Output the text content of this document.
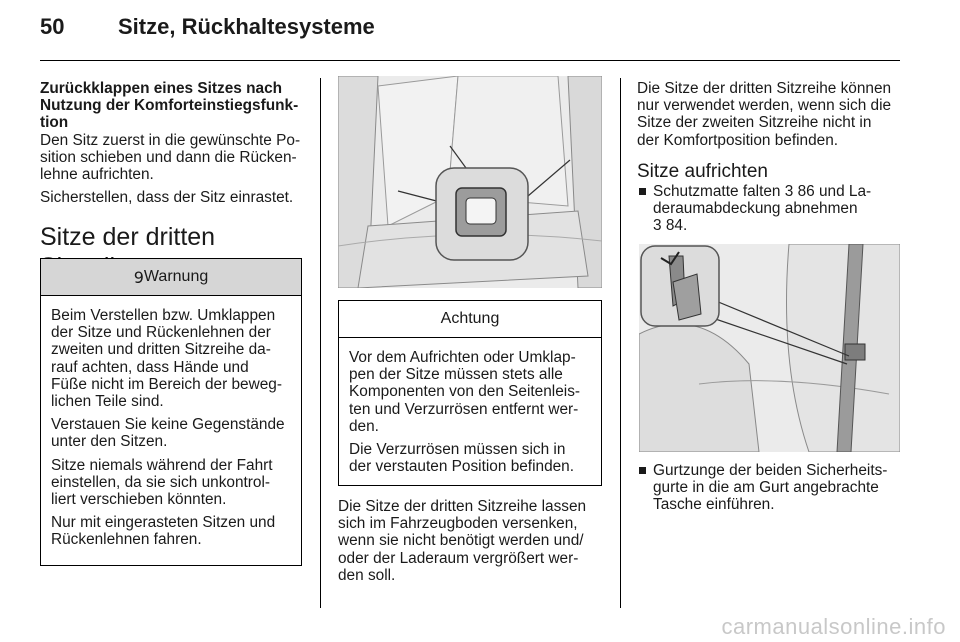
50 Sitze, Rückhaltesysteme

Zurückklappen eines Sitzes nach
Nutzung der Komforteinstiegsfunk-
tion

Den Sitz zuerst in die gewünschte Po-
sition schieben und dann die Rücken-
lehne aufrichten.

Sicherstellen, dass der Sitz einrastet.

Sitze der dritten
9 Warnung

Beim Verstellen bzw. Umklappen
der Sitze und Rückenlehnen der
zweiten und dritten Sitzreihe da-
rauf achten, dass Hände und
Füße nicht im Bereich der beweg-
lichen Teile sind.

Verstauen Sie keine Gegenstände
unter den Sitzen.

Sitze niemals während der Fahrt
einstellen, da sie sich unkontrol-
liert verschieben könnten.

Nur mit eingerasteten Sitzen und
Rückenlehnen fahren.

Achtung

Vor dem Aufrichten oder Umklap-
pen der Sitze müssen stets alle
Komponenten von den Seitenleis-
ten und Verzurrösen entfernt wer-
den.

Die Verzurrösen müssen sich in
der verstauten Position befinden.

Die Sitze der dritten Sitzreihe lassen
sich im Fahrzeugboden versenken,
wenn sie nicht benötigt werden und/
oder der Laderaum vergrößert wer-
den soll.

Die Sitze der dritten Sitzreihe können
nur verwendet werden, wenn sich die
Sitze der zweiten Sitzreihe nicht in
der Komfortposition befinden.

Sitze aufrichten
Schutzmatte falten 3 86 und La-
deraumabdeckung abnehmen
3 84.
Gurtzunge der beiden Sicherheits-
gurte in die am Gurt angebrachte
Tasche einführen.
carmanualsonline.info
